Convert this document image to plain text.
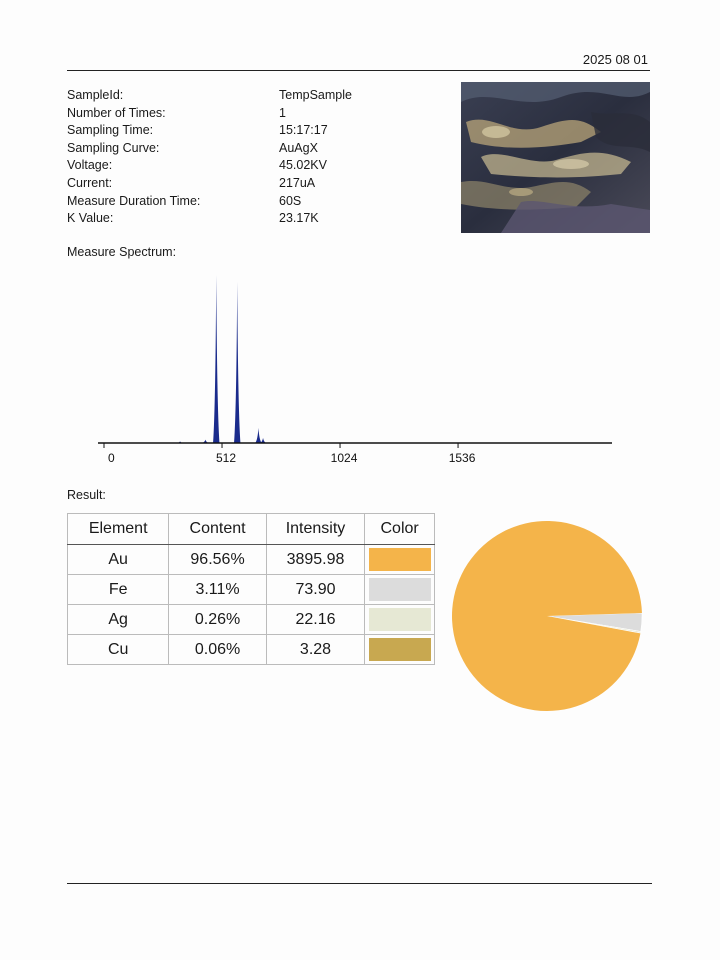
2025 08 01
SampleId:	TempSample
Number of Times:	1
Sampling Time:	15:17:17
Sampling Curve:	AuAgX
Voltage:	45.02KV
Current:	217uA
Measure Duration Time:	60S
K Value:	23.17K
Measure Spectrum:
0	512	1024	1536
Result:
Element	Content	Intensity	Color
Au	96.56%	3895.98	

Fe	3.11%	73.90	

Ag	0.26%	22.16	

Cu	0.06%	3.28	
